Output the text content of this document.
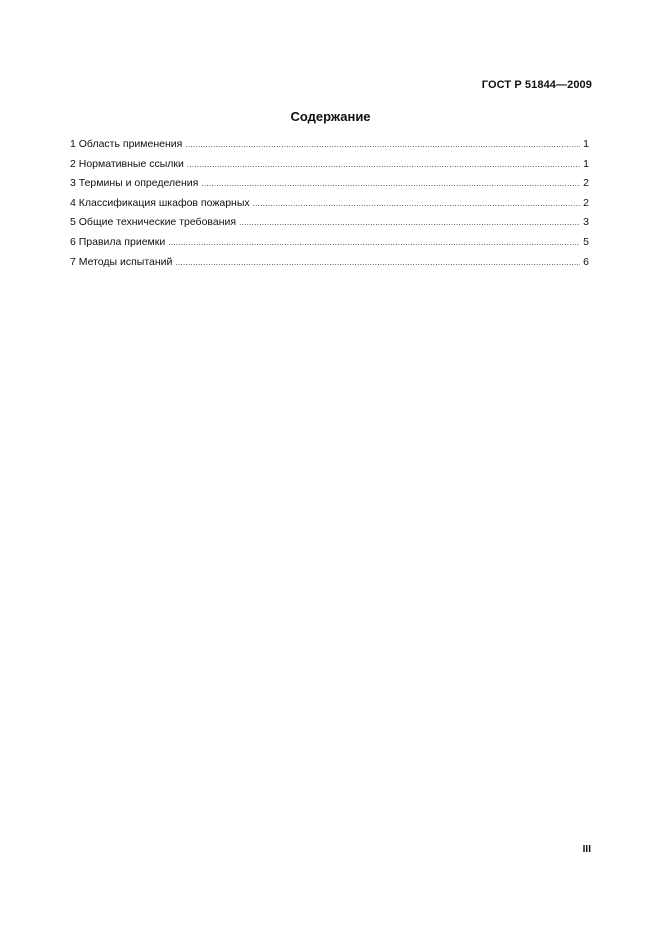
ГОСТ Р 51844—2009
Содержание
1 Область применения .....	1
2 Нормативные ссылки .....	1
3 Термины и определения .....	2
4 Классификация шкафов пожарных .....	2
5 Общие технические требования .....	3
6 Правила приемки .....	5
7 Методы испытаний .....	6
III
